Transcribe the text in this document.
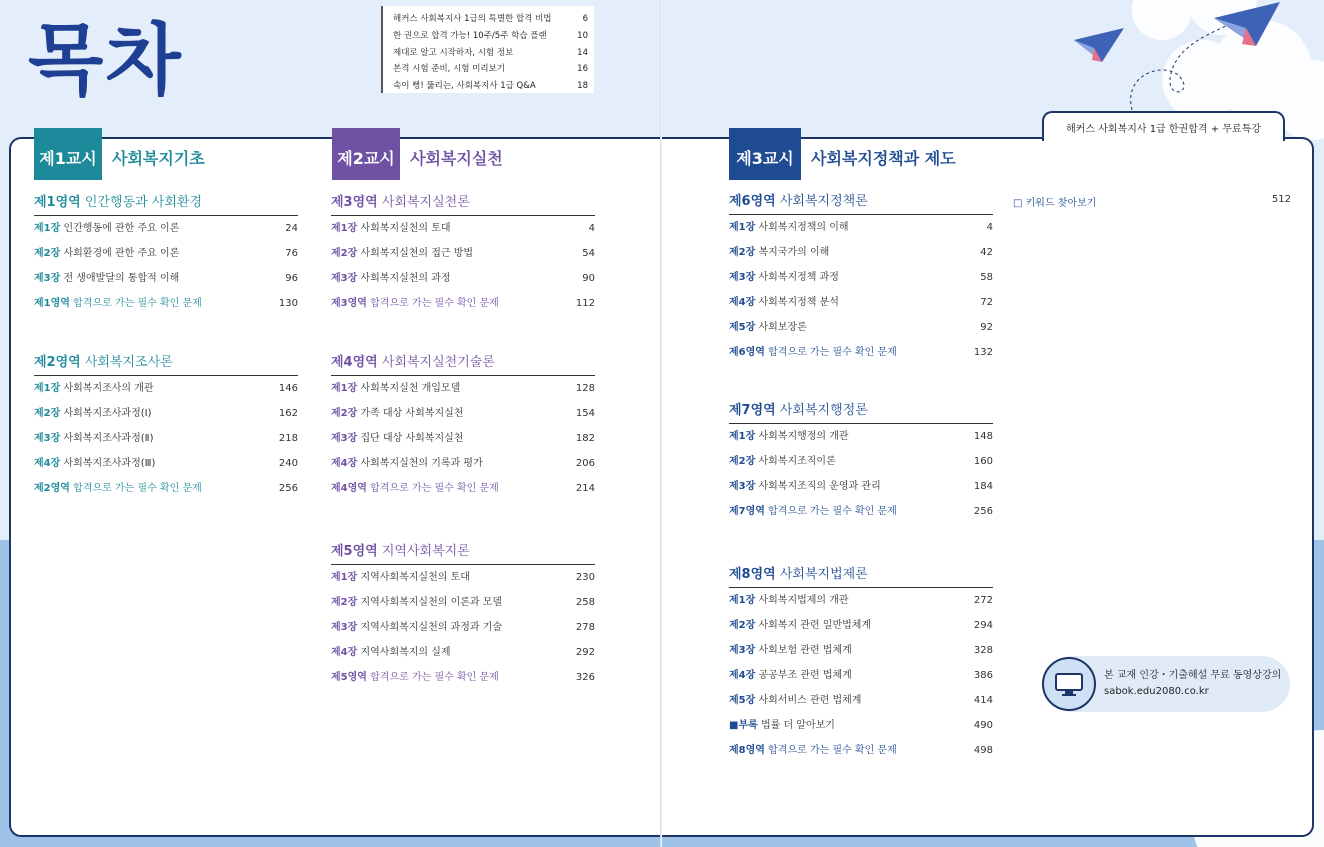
목차	해커스 사회복지사 1급의 특별한 합격 비법	6
한 권으로 합격 가능! 10주/5주 학습 플랜	10
제대로 알고 시작하자, 시험 정보	14
본격 시험 준비, 시험 미리보기	16
속이 뻥! 뚫리는, 사회복지사 1급 Q&A	18
제1교시 사회복지기초	제2교시 사회복지실천
제1영역 인간행동과 사회환경
제1장 인간행동에 관한 주요 이론	24
제2장 사회환경에 관한 주요 이론	76
제3장 전 생애발달의 통합적 이해	96
제1영역 합격으로 가는 필수 확인 문제	130
제2영역 사회복지조사론
제1장 사회복지조사의 개관	146
제2장 사회복지조사과정(Ⅰ)	162
제3장 사회복지조사과정(Ⅱ)	218
제4장 사회복지조사과정(Ⅲ)	240
제2영역 합격으로 가는 필수 확인 문제	256
제3영역 사회복지실천론
제1장 사회복지실천의 토대	4
제2장 사회복지실천의 접근 방법	54
제3장 사회복지실천의 과정	90
제3영역 합격으로 가는 필수 확인 문제	112
제4영역 사회복지실천기술론
제1장 사회복지실천 개입모델	128
제2장 가족 대상 사회복지실천	154
제3장 집단 대상 사회복지실천	182
제4장 사회복지실천의 기록과 평가	206
제4영역 합격으로 가는 필수 확인 문제	214
제5영역 지역사회복지론
제1장 지역사회복지실천의 토대	230
제2장 지역사회복지실천의 이론과 모델	258
제3장 지역사회복지실천의 과정과 기술	278
제4장 지역사회복지의 실제	292
제5영역 합격으로 가는 필수 확인 문제	326
해커스 사회복지사 1급 한권합격 + 무료특강
제3교시	사회복지정책과 제도
제6영역 사회복지정책론
제1장 사회복지정책의 이해	4
제2장 복지국가의 이해	42
제3장 사회복지정책 과정	58
제4장 사회복지정책 분석	72
제5장 사회보장론	92
제6영역 합격으로 가는 필수 확인 문제	132
제7영역 사회복지행정론
제1장 사회복지행정의 개관	148
제2장 사회복지조직이론	160
제3장 사회복지조직의 운영과 관리	184
제7영역 합격으로 가는 필수 확인 문제	256
제8영역 사회복지법제론
제1장 사회복지법제의 개관	272
제2장 사회복지 관련 일반법체계	294
제3장 사회보험 관련 법체계	328
제4장 공공부조 관련 법체계	386
제5장 사회서비스 관련 법체계	414
■부록 법률 더 알아보기	490
제8영역 합격으로 가는 필수 확인 문제	498
□ 키워드 찾아보기	512
본 교재 인강・기출해설 무료 동영상강의
sabok.edu2080.co.kr
